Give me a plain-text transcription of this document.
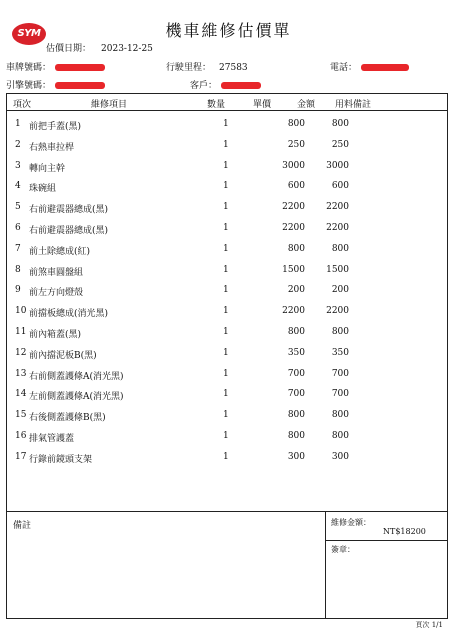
SYM	機車維修估價單
估價日期： 2023-12-25
車牌號碼：	行駛里程： 27583	電話：
引擎號碼：	客戶：
項次	維修項目	數量	單價	金額 用料備註
1 前把手蓋(黑)	1	800	800
2 右熱車拉桿	1	250	250
3 轉向主幹	1	3000	3000
4 珠碗組	1	600	600
5 右前避震器總成(黑)	1	2200	2200
6 右前避震器總成(黑)	1	2200	2200
7 前土除總成(紅)	1	800	800
8 前煞車圓盤組	1	1500	1500
9 前左方向燈殼	1	200	200
10 前擋板總成(消光黑)	1	2200	2200
11 前內箱蓋(黑)	1	800	800
12 前內擋泥板B(黑)	1	350	350
13 右前側蓋護條A(消光黑)	1	700	700
14 左前側蓋護條A(消光黑)	1	700	700
15 右後側蓋護條B(黑)	1	800	800
16 排氣管護蓋	1	800	800
17 行錄前鏡頭支架	1	300	300
備註	維修金額：
NT$18200
簽章：
頁次 1/1
